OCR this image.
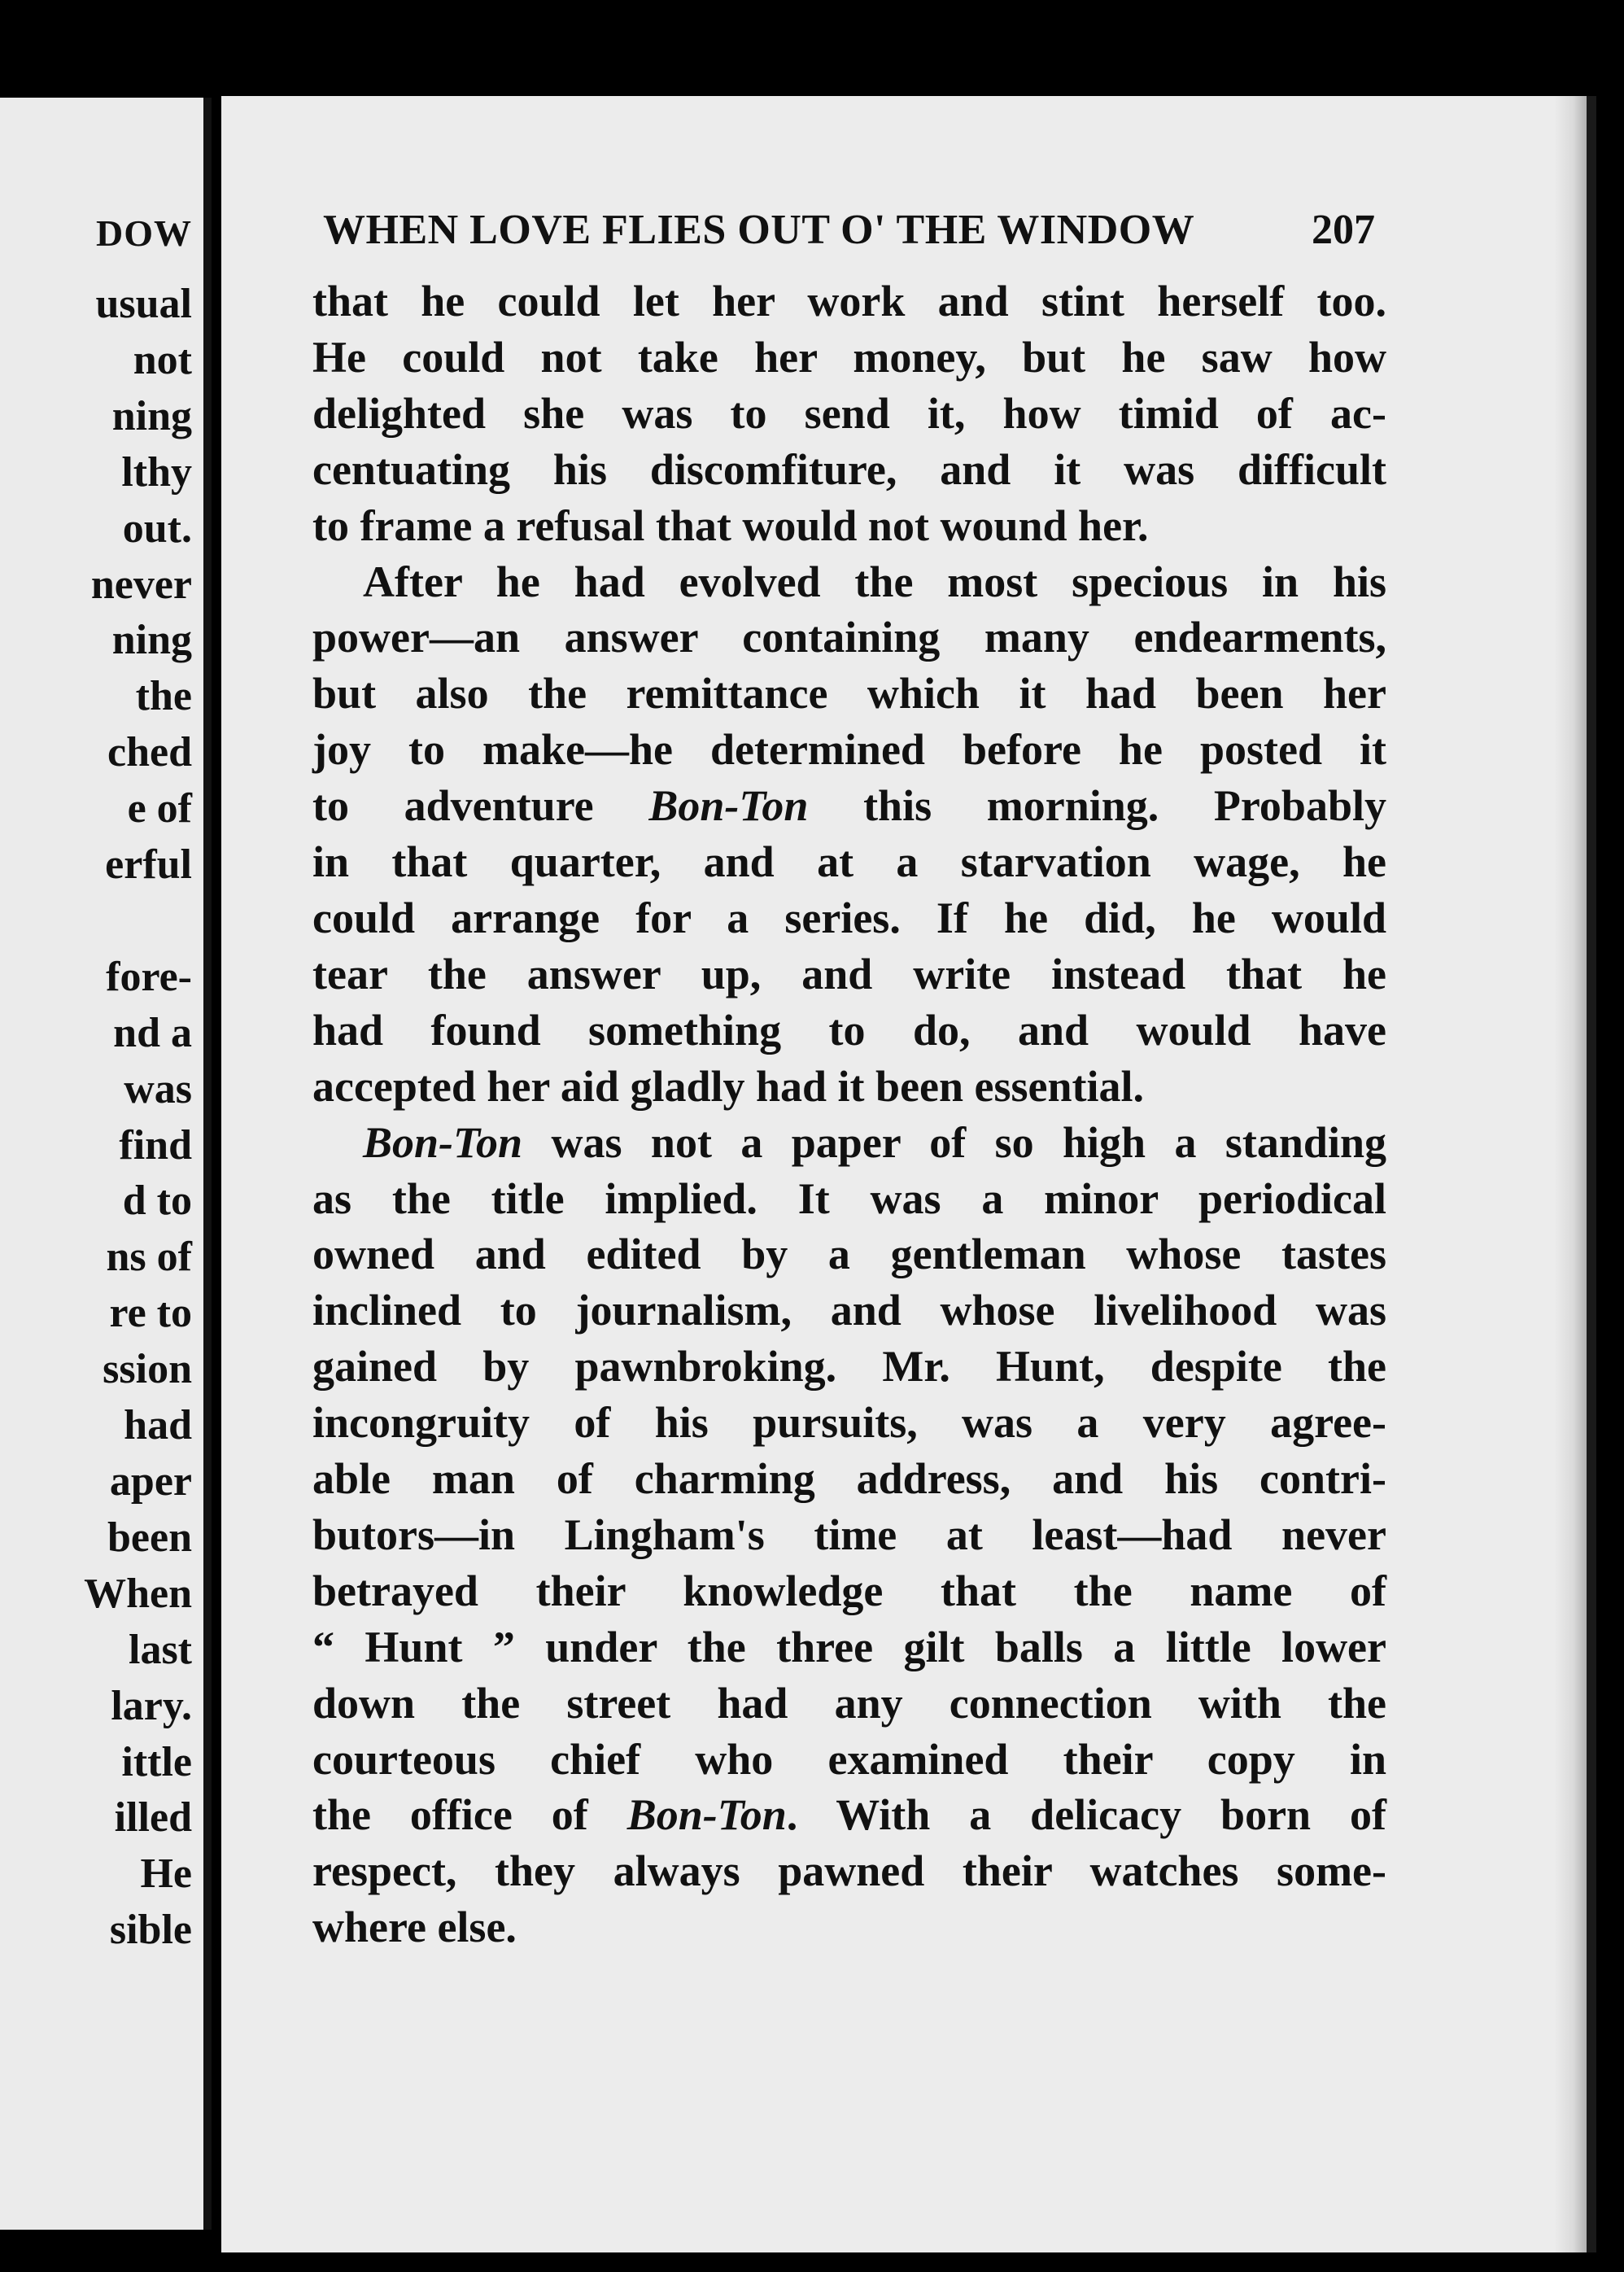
DOW
usual
not
ning
lthy
out.
never
ning
the
ched
e of
erful
fore-
nd a
was
find
d to
ns of
re to
ssion
had
aper
been
When
last
lary.
ittle
illed
He
sible
WHEN LOVE FLIES OUT O' THE WINDOW	207
that he could let her work and stint herself too.
He could not take her money, but he saw how
delighted she was to send it, how timid of ac-
centuating his discomfiture, and it was difficult
to frame a refusal that would not wound her.
After he had evolved the most specious in his
power—an answer containing many endearments,
but also the remittance which it had been her
joy to make—he determined before he posted it
to adventure Bon-Ton this morning. Probably
in that quarter, and at a starvation wage, he
could arrange for a series. If he did, he would
tear the answer up, and write instead that he
had found something to do, and would have
accepted her aid gladly had it been essential.
Bon-Ton was not a paper of so high a standing
as the title implied. It was a minor periodical
owned and edited by a gentleman whose tastes
inclined to journalism, and whose livelihood was
gained by pawnbroking. Mr. Hunt, despite the
incongruity of his pursuits, was a very agree-
able man of charming address, and his contri-
butors—in Lingham's time at least—had never
betrayed their knowledge that the name of
“ Hunt ” under the three gilt balls a little lower
down the street had any connection with the
courteous chief who examined their copy in
the office of Bon-Ton. With a delicacy born of
respect, they always pawned their watches some-
where else.
